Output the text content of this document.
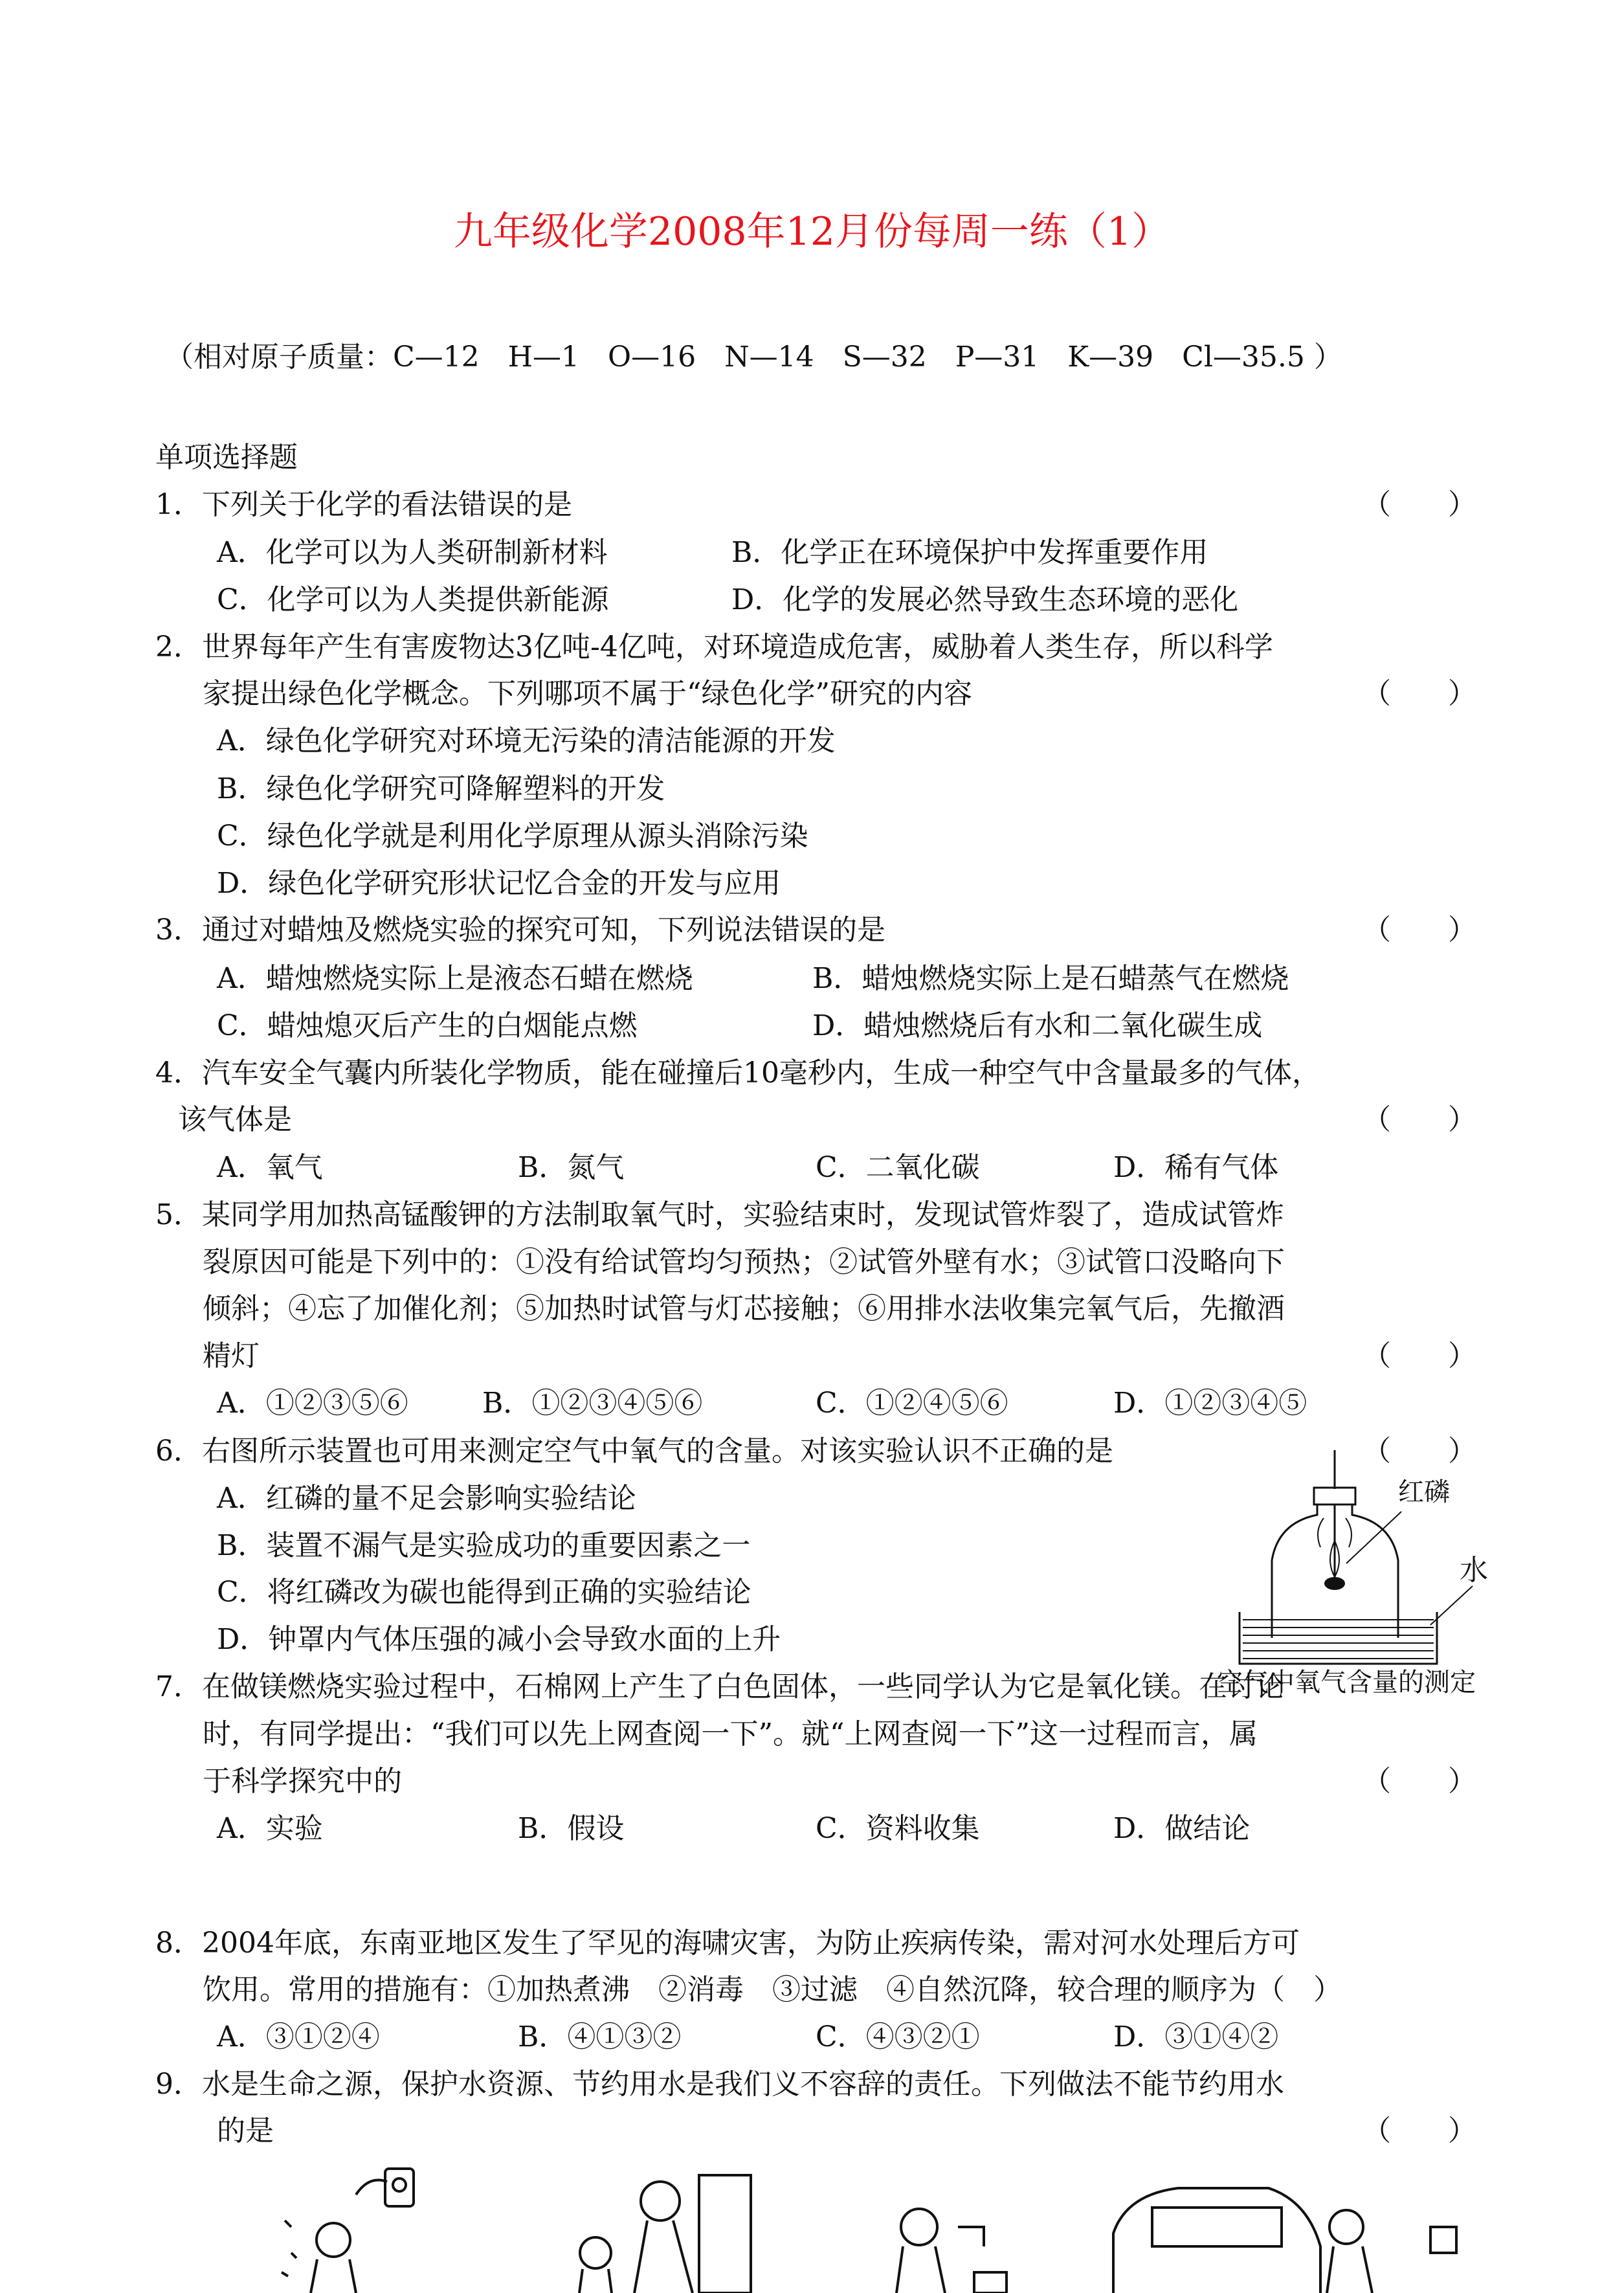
九年级化学2008年12月份每周一练（1）
（相对原子质量：C—12　H—1　O—16　N—14　S—32　P—31　K—39　Cl—35.5 ）
单项选择题
1．下列关于化学的看法错误的是	（　　）
A．化学可以为人类研制新材料	B．化学正在环境保护中发挥重要作用
C．化学可以为人类提供新能源	D．化学的发展必然导致生态环境的恶化
2．世界每年产生有害废物达3亿吨-4亿吨，对环境造成危害，威胁着人类生存，所以科学
家提出绿色化学概念。下列哪项不属于“绿色化学”研究的内容	（　　）
A．绿色化学研究对环境无污染的清洁能源的开发
B．绿色化学研究可降解塑料的开发
C．绿色化学就是利用化学原理从源头消除污染
D．绿色化学研究形状记忆合金的开发与应用
3．通过对蜡烛及燃烧实验的探究可知，下列说法错误的是	（　　）
A．蜡烛燃烧实际上是液态石蜡在燃烧	B．蜡烛燃烧实际上是石蜡蒸气在燃烧
C．蜡烛熄灭后产生的白烟能点燃	D．蜡烛燃烧后有水和二氧化碳生成
4．汽车安全气囊内所装化学物质，能在碰撞后10毫秒内，生成一种空气中含量最多的气体，
该气体是	（　　）
A．氧气	B．氮气	C．二氧化碳	D．稀有气体
5．某同学用加热高锰酸钾的方法制取氧气时，实验结束时，发现试管炸裂了，造成试管炸
裂原因可能是下列中的：①没有给试管均匀预热；②试管外壁有水；③试管口没略向下
倾斜；④忘了加催化剂；⑤加热时试管与灯芯接触；⑥用排水法收集完氧气后，先撤酒
精灯	（　　）
A．①②③⑤⑥	B．①②③④⑤⑥	C．①②④⑤⑥	D．①②③④⑤
6．右图所示装置也可用来测定空气中氧气的含量。对该实验认识不正确的是	（　　）
A．红磷的量不足会影响实验结论
B．装置不漏气是实验成功的重要因素之一
C．将红磷改为碳也能得到正确的实验结论
D．钟罩内气体压强的减小会导致水面的上升
红磷
水
空气中氧气含量的测定
7．在做镁燃烧实验过程中，石棉网上产生了白色固体，一些同学认为它是氧化镁。在讨论
时，有同学提出：“我们可以先上网查阅一下”。就“上网查阅一下”这一过程而言，属
于科学探究中的	（　　）
A．实验	B．假设	C．资料收集	D．做结论
8．2004年底，东南亚地区发生了罕见的海啸灾害，为防止疾病传染，需对河水处理后方可
饮用。常用的措施有：①加热煮沸　②消毒　③过滤　④自然沉降，较合理的顺序为（　）
A．③①②④	B．④①③②	C．④③②①	D．③①④②
9．水是生命之源，保护水资源、节约用水是我们义不容辞的责任。下列做法不能节约用水
的是	（　　）
